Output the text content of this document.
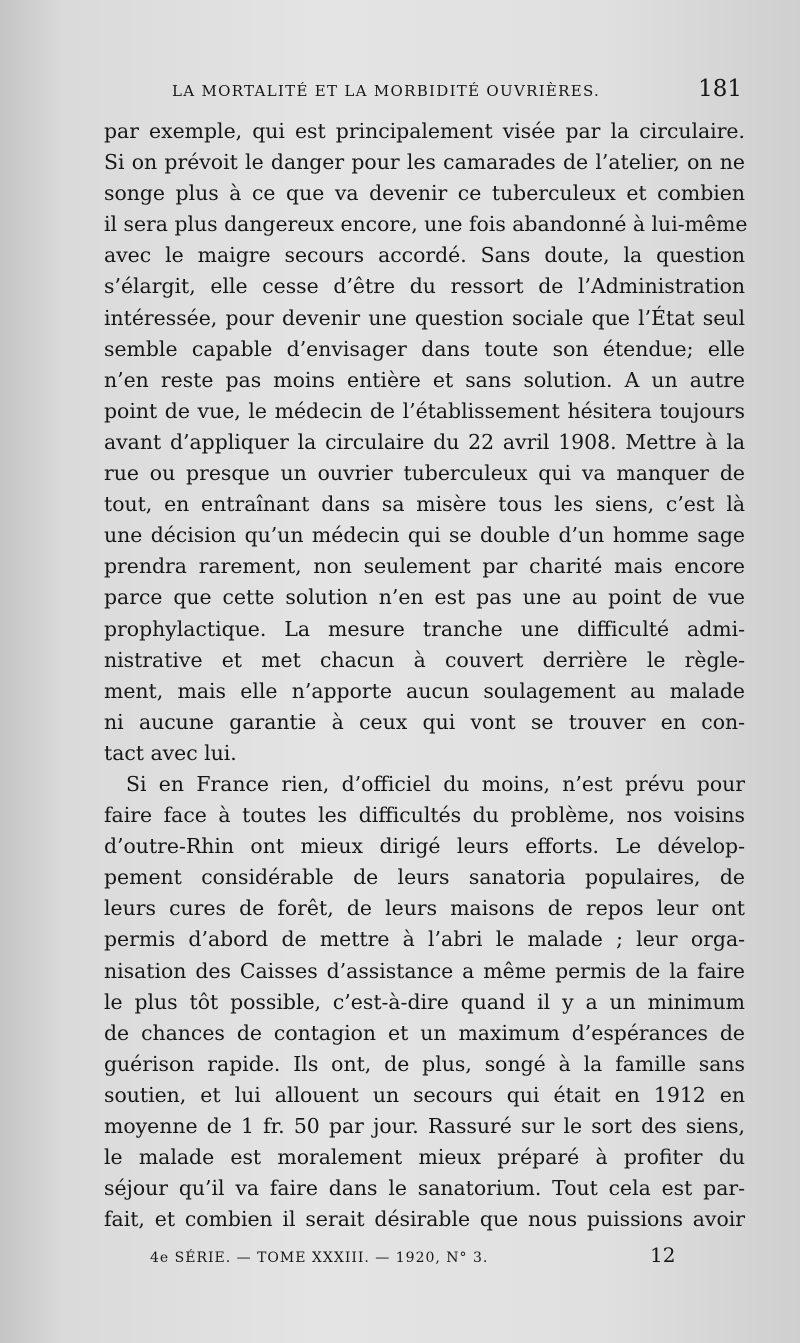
LA MORTALITÉ ET LA MORBIDITÉ OUVRIÈRES.	181
par exemple, qui est principalement visée par la circulaire.
Si on prévoit le danger pour les camarades de l’atelier, on ne
songe plus à ce que va devenir ce tuberculeux et combien
il sera plus dangereux encore, une fois abandonné à lui-même
avec le maigre secours accordé. Sans doute, la question
s’élargit, elle cesse d’être du ressort de l’Administration
intéressée, pour devenir une question sociale que l’État seul
semble capable d’envisager dans toute son étendue; elle
n’en reste pas moins entière et sans solution. A un autre
point de vue, le médecin de l’établissement hésitera toujours
avant d’appliquer la circulaire du 22 avril 1908. Mettre à la
rue ou presque un ouvrier tuberculeux qui va manquer de
tout, en entraînant dans sa misère tous les siens, c’est là
une décision qu’un médecin qui se double d’un homme sage
prendra rarement, non seulement par charité mais encore
parce que cette solution n’en est pas une au point de vue
prophylactique. La mesure tranche une difficulté admi-
nistrative et met chacun à couvert derrière le règle-
ment, mais elle n’apporte aucun soulagement au malade
ni aucune garantie à ceux qui vont se trouver en con-
tact avec lui.
Si en France rien, d’officiel du moins, n’est prévu pour
faire face à toutes les difficultés du problème, nos voisins
d’outre-Rhin ont mieux dirigé leurs efforts. Le dévelop-
pement considérable de leurs sanatoria populaires, de
leurs cures de forêt, de leurs maisons de repos leur ont
permis d’abord de mettre à l’abri le malade ; leur orga-
nisation des Caisses d’assistance a même permis de la faire
le plus tôt possible, c’est-à-dire quand il y a un minimum
de chances de contagion et un maximum d’espérances de
guérison rapide. Ils ont, de plus, songé à la famille sans
soutien, et lui allouent un secours qui était en 1912 en
moyenne de 1 fr. 50 par jour. Rassuré sur le sort des siens,
le malade est moralement mieux préparé à profiter du
séjour qu’il va faire dans le sanatorium. Tout cela est par-
fait, et combien il serait désirable que nous puissions avoir
4e SÉRIE. — TOME XXXIII. — 1920, N° 3.	12
